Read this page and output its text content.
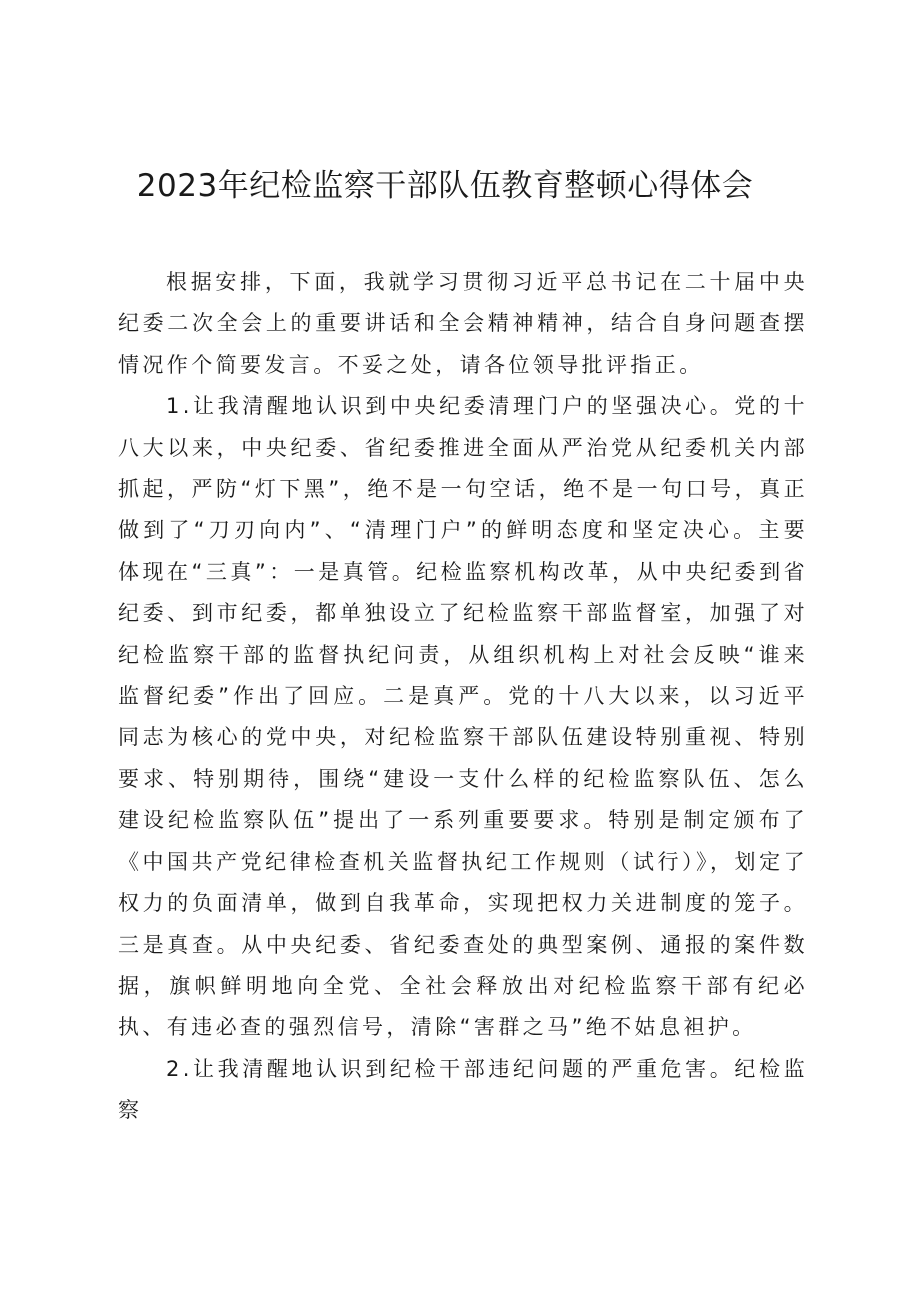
2023年纪检监察干部队伍教育整顿心得体会

根据安排，下面，我就学习贯彻习近平总书记在二十届中央纪委二次全会上的重要讲话和全会精神精神，结合自身问题查摆情况作个简要发言。不妥之处，请各位领导批评指正。

1.让我清醒地认识到中央纪委清理门户的坚强决心。党的十八大以来，中央纪委、省纪委推进全面从严治党从纪委机关内部抓起，严防“灯下黑”，绝不是一句空话，绝不是一句口号，真正做到了“刀刃向内”、“清理门户”的鲜明态度和坚定决心。主要体现在“三真”：一是真管。纪检监察机构改革，从中央纪委到省纪委、到市纪委，都单独设立了纪检监察干部监督室，加强了对纪检监察干部的监督执纪问责，从组织机构上对社会反映“谁来监督纪委”作出了回应。二是真严。党的十八大以来，以习近平同志为核心的党中央，对纪检监察干部队伍建设特别重视、特别要求、特别期待，围绕“建设一支什么样的纪检监察队伍、怎么建设纪检监察队伍”提出了一系列重要要求。特别是制定颁布了《中国共产党纪律检查机关监督执纪工作规则（试行）》，划定了权力的负面清单，做到自我革命，实现把权力关进制度的笼子。三是真查。从中央纪委、省纪委查处的典型案例、通报的案件数据，旗帜鲜明地向全党、全社会释放出对纪检监察干部有纪必执、有违必查的强烈信号，清除“害群之马”绝不姑息袒护。

2.让我清醒地认识到纪检干部违纪问题的严重危害。纪检监察
